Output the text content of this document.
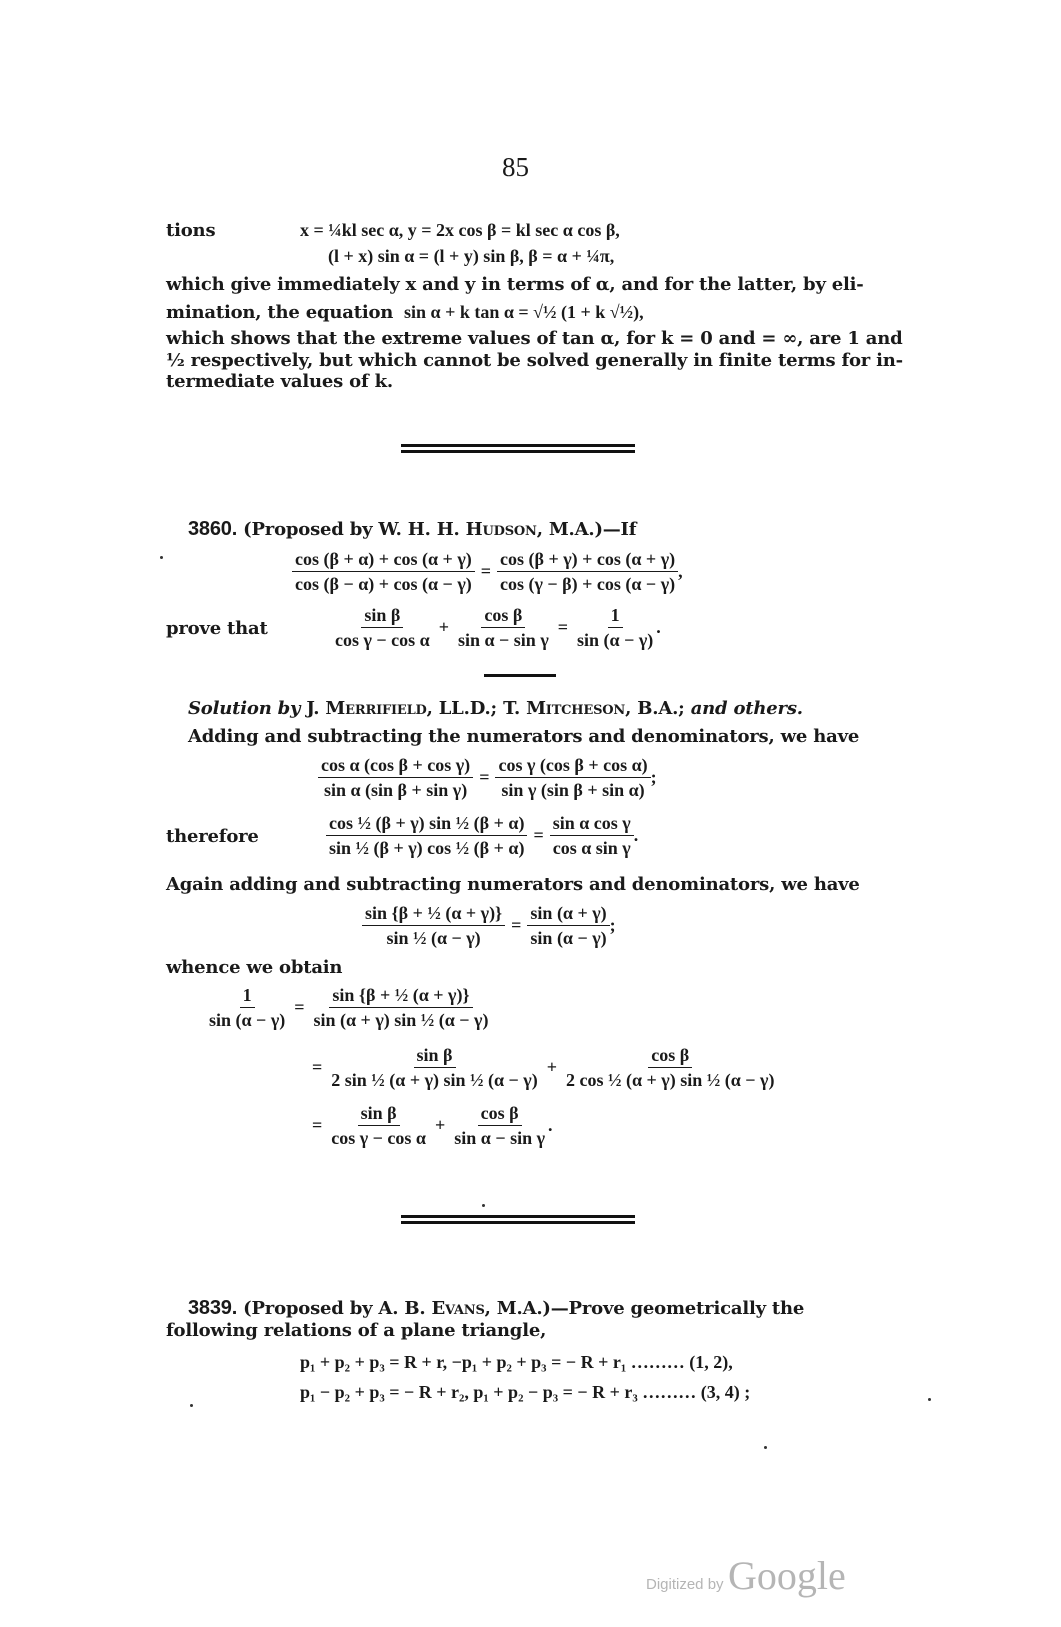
85
tions	x = ¼kl sec α, y = 2x cos β = kl sec α cos β,
(l + x) sin α = (l + y) sin β, β = α + ¼π,
which give immediately x and y in terms of α, and for the latter, by eli-
mination, the equation sin α + k tan α = √½ (1 + k √½),
which shows that the extreme values of tan α, for k = 0 and = ∞, are 1 and
½ respectively, but which cannot be solved generally in finite terms for in-
termediate values of k.
3860. (Proposed by W. H. H. Hudson, M.A.)—If
$\frac{\cos (\beta + \alpha) + \cos (\alpha + \gamma)}{\cos (\beta - \alpha) + \cos (\alpha - \gamma)} = \frac{\cos (\beta + \gamma) + \cos (\alpha + \gamma)}{\cos (\gamma - \beta) + \cos (\alpha - \gamma)}$ ,
prove that	$\frac{\text{sin β}}{\text{cos γ − cos α}} + \frac{\text{cos β}}{\text{sin α − sin γ}} = \frac{1}{\sin (\alpha - \gamma)}$ .
Solution by J. Merrifield, LL.D.; T. Mitcheson, B.A.; and others.
Adding and subtracting the numerators and denominators, we have
$\frac{\text{cos α (cos β + cos γ)}}{\text{sin α (sin β + sin γ)}} = \frac{\text{cos γ (cos β + cos α)}}{\text{sin γ (sin β + sin α)}}$ ;
therefore	$\frac{\text{cos ½ (β + γ) sin ½ (β + α)}}{\text{sin ½ (β + γ) cos ½ (β + α)}} = \frac{\text{sin α cos γ}}{\text{cos α sin γ}}$ .
Again adding and subtracting numerators and denominators, we have
$\frac{\text{sin \{β + ½ (α + γ)\}}}{\text{sin ½ (α − γ)}} = \frac{\sin (\alpha + \gamma)}{\sin (\alpha - \gamma)}$ ;
whence we obtain
$\frac{1}{\sin (\alpha - \gamma)} = \frac{\text{sin \{β + ½ (α + γ)\}}}{\text{sin (α + γ) sin ½ (α − γ)}}$
= $\frac{\text{sin β}}{\text{2 sin ½ (α + γ) sin ½ (α − γ)}} + \frac{\text{cos β}}{\text{2 cos ½ (α + γ) sin ½ (α − γ)}}$
= $\frac{\text{sin β}}{\text{cos γ − cos α}} + \frac{\text{cos β}}{\text{sin α − sin γ}}$ .
3839. (Proposed by A. B. Evans, M.A.)—Prove geometrically the
following relations of a plane triangle,
p₁ + p₂ + p₃ = R + r, −p₁ + p₂ + p₃ = − R + r₁ ……… (1, 2),
p₁ − p₂ + p₃ = − R + r₂, p₁ + p₂ − p₃ = − R + r₃ ……… (3, 4) ;
Digitized by Google
